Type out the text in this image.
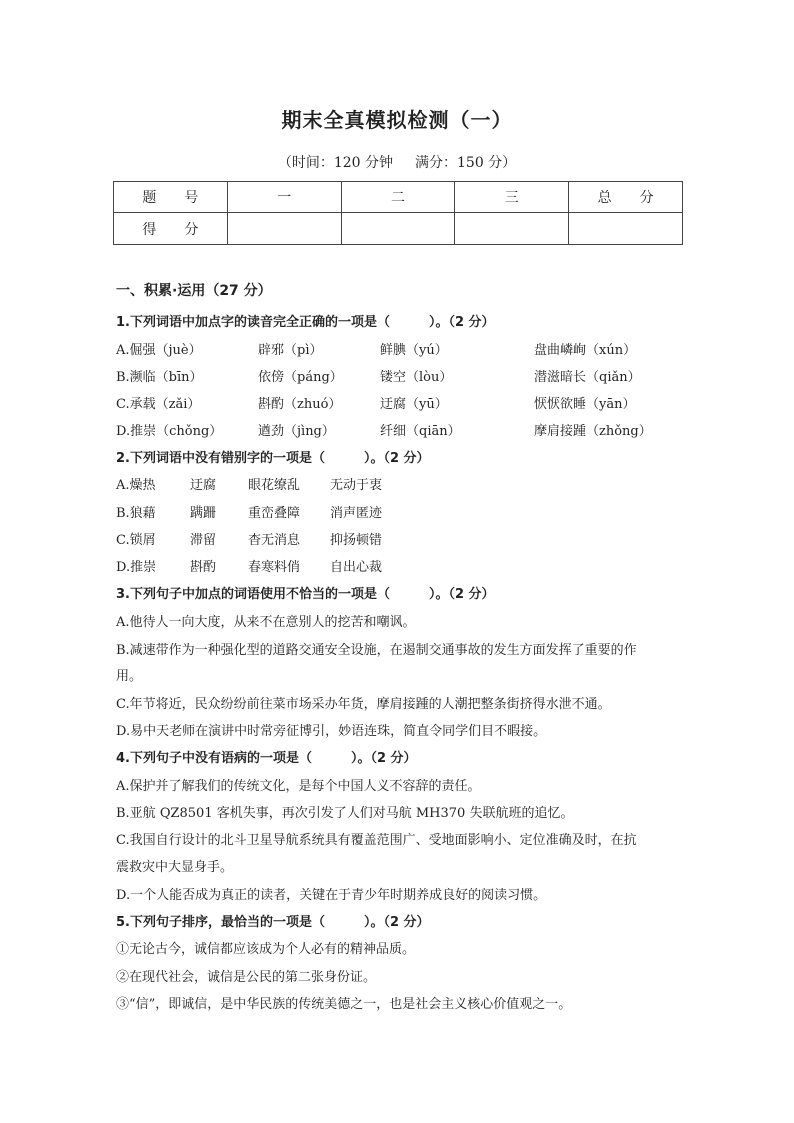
期末全真模拟检测（一）
（时间：120 分钟 满分：150 分）
题　　号	一	二	三	总　　分
得　　分				
一、积累·运用（27 分）
1.下列词语中加点字的读音完全正确的一项是（　　　）。（2 分）
A.倔强（juè）	辟邪（pì）	鲜腆（yú）	盘曲嶙峋（xún）
B.濒临（bīn）	依傍（páng）	镂空（lòu）	潜滋暗长（qiǎn）
C.承载（zǎi）	斟酌（zhuó）	迂腐（yū）	恹恹欲睡（yān）
D.推崇（chǒng）	遒劲（jìng）	纤细（qiān）	摩肩接踵（zhǒng）
2.下列词语中没有错别字的一项是（　　　）。（2 分）
A.燥热	迂腐 眼花缭乱 无动于衷
B.狼藉	蹒跚 重峦叠障 消声匿迹
C.锁屑	滞留 杳无消息 抑扬顿错
D.推崇	斟酌 春寒料俏 自出心裁
3.下列句子中加点的词语使用不恰当的一项是（　　　）。（2 分）
A.他待人一向大度，从来不在意别人的挖苦和嘲讽。
B.减速带作为一种强化型的道路交通安全设施，在遏制交通事故的发生方面发挥了重要的作
用。
C.年节将近，民众纷纷前往菜市场采办年货，摩肩接踵的人潮把整条街挤得水泄不通。
D.易中天老师在演讲中时常旁征博引，妙语连珠，简直令同学们目不暇接。
4.下列句子中没有语病的一项是（　　　）。（2 分）
A.保护并了解我们的传统文化，是每个中国人义不容辞的责任。
B.亚航 QZ8501 客机失事，再次引发了人们对马航 MH370 失联航班的追忆。
C.我国自行设计的北斗卫星导航系统具有覆盖范围广、受地面影响小、定位准确及时，在抗
震救灾中大显身手。
D.一个人能否成为真正的读者，关键在于青少年时期养成良好的阅读习惯。
5.下列句子排序，最恰当的一项是（　　　）。（2 分）
①无论古今，诚信都应该成为个人必有的精神品质。
②在现代社会，诚信是公民的第二张身份证。
③“信”，即诚信，是中华民族的传统美德之一，也是社会主义核心价值观之一。
